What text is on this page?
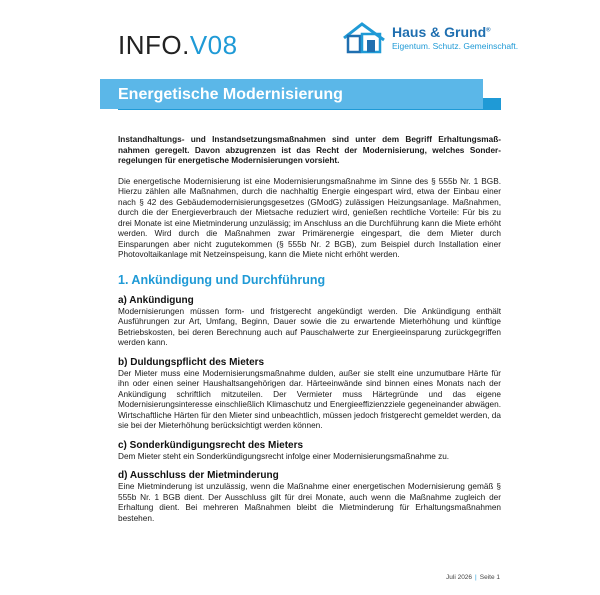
INFO.V08	Haus & Grund®
Eigentum. Schutz. Gemeinschaft.
Energetische Modernisierung

Instandhaltungs- und Instandsetzungsmaßnahmen sind unter dem Begriff Erhaltungsmaßnahmen geregelt. Davon abzugrenzen ist das Recht der Modernisierung, welches Sonderregelungen für energetische Modernisierungen vorsieht.

Die energetische Modernisierung ist eine Modernisierungsmaßnahme im Sinne des § 555b Nr. 1 BGB. Hierzu zählen alle Maßnahmen, durch die nachhaltig Energie eingespart wird, etwa der Einbau einer nach § 42 des Gebäudemodernisierungsgesetzes (GModG) zulässigen Heizungsanlage. Maßnahmen, durch die der Energieverbrauch der Mietsache reduziert wird, genießen rechtliche Vorteile: Für bis zu drei Monate ist eine Mietminderung unzulässig; im Anschluss an die Durchführung kann die Miete erhöht werden. Wird durch die Maßnahmen zwar Primärenergie eingespart, die dem Mieter durch Einsparungen aber nicht zugutekommen (§ 555b Nr. 2 BGB), zum Beispiel durch Installation einer Photovoltaikanlage mit Netzeinspeisung, kann die Miete nicht erhöht werden.

1. Ankündigung und Durchführung
a) Ankündigung

Modernisierungen müssen form- und fristgerecht angekündigt werden. Die Ankündigung enthält Ausführungen zur Art, Umfang, Beginn, Dauer sowie die zu erwartende Mieterhöhung und künftige Betriebskosten, bei deren Berechnung auch auf Pauschalwerte zur Energieeinsparung zurückgegriffen werden kann.

b) Duldungspflicht des Mieters

Der Mieter muss eine Modernisierungsmaßnahme dulden, außer sie stellt eine unzumutbare Härte für ihn oder einen seiner Haushaltsangehörigen dar. Härteeinwände sind binnen eines Monats nach der Ankündigung schriftlich mitzuteilen. Der Vermieter muss Härtegründe und das eigene Modernisierungsinteresse einschließlich Klimaschutz und Energieeffizienzziele gegeneinander abwägen. Wirtschaftliche Härten für den Mieter sind unbeachtlich, müssen jedoch fristgerecht gemeldet werden, da sie bei der Mieterhöhung berücksichtigt werden können.

c) Sonderkündigungsrecht des Mieters

Dem Mieter steht ein Sonderkündigungsrecht infolge einer Modernisierungsmaßnahme zu.

d) Ausschluss der Mietminderung

Eine Mietminderung ist unzulässig, wenn die Maßnahme einer energetischen Modernisierung gemäß § 555b Nr. 1 BGB dient. Der Ausschluss gilt für drei Monate, auch wenn die Maßnahme zugleich der Erhaltung dient. Bei mehreren Maßnahmen bleibt die Mietminderung für Erhaltungsmaßnahmen bestehen.

Juli 2026 | Seite 1
